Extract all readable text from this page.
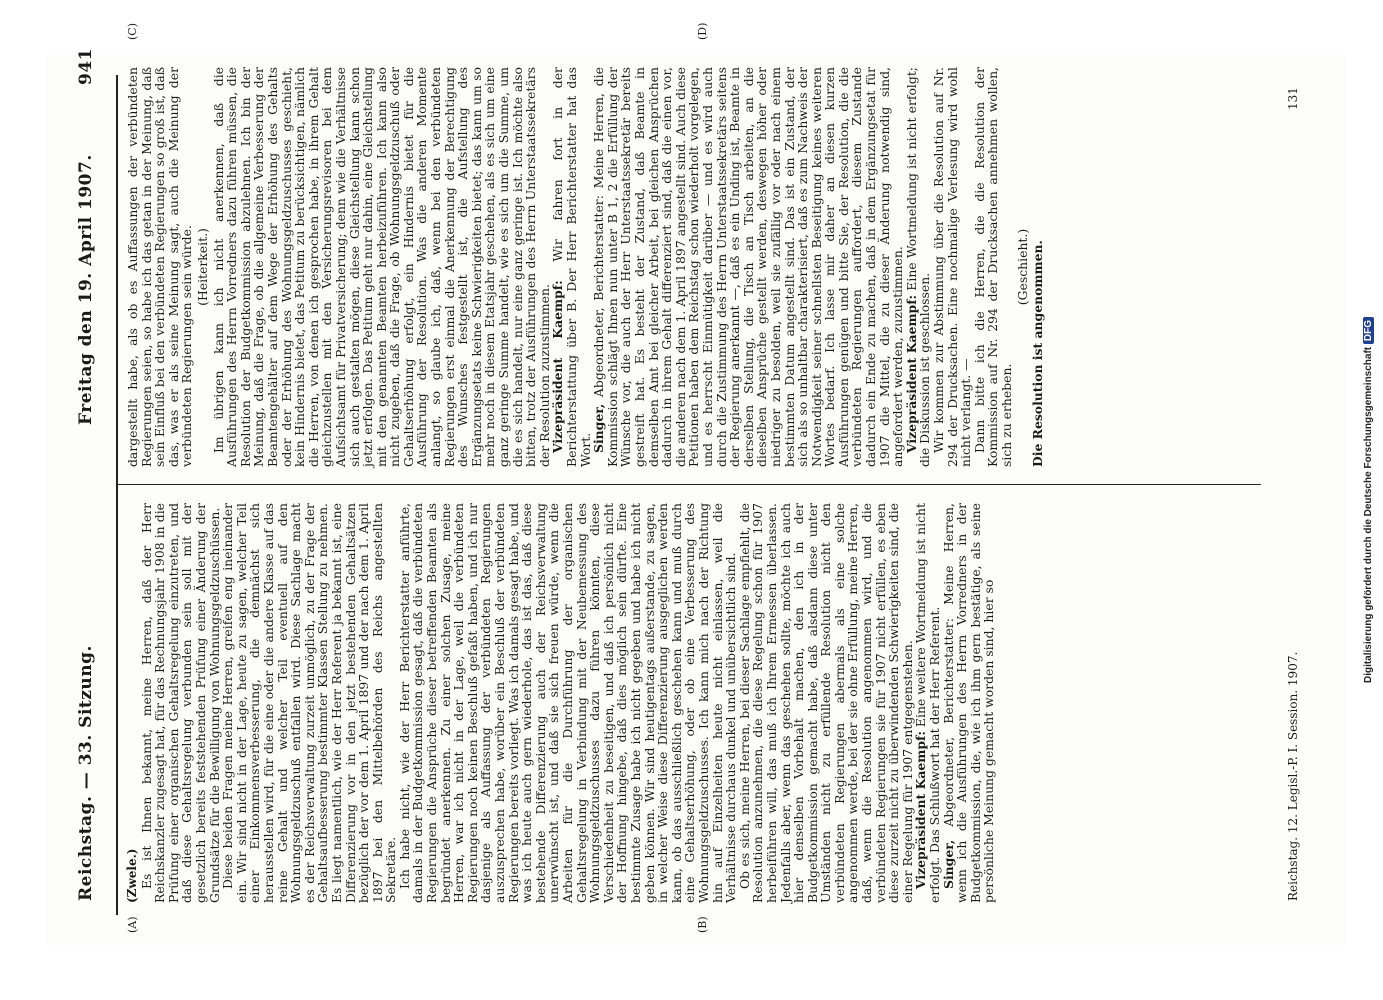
Reichstag. — 33. Sitzung.
Freitag den 19. April 1907.
941
(A)	(B)
(C)	(D)
(Zwele.) Es ist Ihnen bekannt, meine Herren, daß der Herr Reichskanzler zugesagt hat, für das Rechnungsjahr 1908 in die Prüfung einer organischen Gehaltsregelung einzutreten, und daß diese Gehaltsregelung verbunden sein soll mit der gesetzlich bereits feststehenden Prüfung einer Änderung der Grundsätze für die Bewilligung von Wohnungsgeldzuschüssen.

Diese beiden Fragen meine Herren, greifen eng ineinander ein. Wir sind nicht in der Lage, heute zu sagen, welcher Teil einer Einkommensverbesserung, die demnächst sich herausstellen wird, für die eine oder die andere Klasse auf das reine Gehalt und welcher Teil eventuell auf den Wohnungsgeldzuschuß entfallen wird. Diese Sachlage macht es der Reichsverwaltung zurzeit unmöglich, zu der Frage der Gehaltsaufbesserung bestimmter Klassen Stellung zu nehmen. Es liegt namentlich, wie der Herr Referent ja bekannt ist, eine Differenzierung vor in den jetzt bestehenden Gehaltsätzen bezüglich der vor dem 1. April 1897 und der nach dem 1. April 1897 bei den Mittelbehörden des Reichs angestellten Sekretäre.

Ich habe nicht, wie der Herr Berichterstatter anführte, damals in der Budgetkommission gesagt, daß die verbündeten Regierungen die Ansprüche dieser betreffenden Beamten als begründet anerkennen. Zu einer solchen Zusage, meine Herren, war ich nicht in der Lage, weil die verbündeten Regierungen noch keinen Beschluß gefaßt haben, und ich nur dasjenige als Auffassung der verbündeten Regierungen auszusprechen habe, worüber ein Beschluß der verbündeten Regierungen bereits vorliegt. Was ich damals gesagt habe, und was ich heute auch gern wiederhole, das ist das, daß diese bestehende Differenzierung auch der Reichsverwaltung unerwünscht ist, und daß sie sich freuen würde, wenn die Arbeiten für die Durchführung der organischen Gehaltsregelung in Verbindung mit der Neubemessung des Wohnungsgeldzuschusses dazu führen könnten, diese Verschiedenheit zu beseitigen, und daß ich persönlich nicht der Hoffnung hingebe, daß dies möglich sein dürfte. Eine bestimmte Zusage habe ich nicht gegeben und habe ich nicht geben können. Wir sind heutigentags außerstande, zu sagen, in welcher Weise diese Differenzierung ausgeglichen werden kann, ob das ausschließlich geschehen kann und muß durch eine Gehaltserhöhung, oder ob eine Verbesserung des Wohnungsgeldzuschusses. Ich kann mich nach der Richtung hin auf Einzelheiten heute nicht einlassen, weil die Verhältnisse durchaus dunkel und unübersichtlich sind.

Ob es sich, meine Herren, bei dieser Sachlage empfiehlt, die Resolution anzunehmen, die diese Regelung schon für 1907 herbeiführen will, das muß ich Ihrem Ermessen überlassen. Jedenfalls aber, wenn das geschehen sollte, möchte ich auch hier denselben Vorbehalt machen, den ich in der Budgetkommission gemacht habe, daß alsdann diese unter Umständen nicht zu erfüllende Resolution nicht den verbündeten Regierungen abermals als eine solche angenommen werde, bei der sie ohne Erfüllung, meine Herren, daß, wenn die Resolution angenommen wird, und die verbündeten Regierungen sie für 1907 nicht erfüllen, es eben diese zurzeit nicht zu überwindenden Schwierigkeiten sind, die einer Regelung für 1907 entgegenstehen.

Vizepräsident Kaempf: Eine weitere Wortmeldung ist nicht erfolgt. Das Schlußwort hat der Herr Referent.

Singer, Abgeordneter, Berichterstatter: Meine Herren, wenn ich die Ausführungen des Herrn Vorredners in der Budgetkommission, die, wie ich ihm gern bestätige, als seine persönliche Meinung gemacht worden sind, hier so

dargestellt habe, als ob es Auffassungen der verbündeten Regierungen seien, so habe ich das getan in der Meinung, daß sein Einfluß bei den verbündeten Regierungen so groß ist, daß das, was er als seine Meinung sagt, auch die Meinung der verbündeten Regierungen sein würde. (Heiterkeit.) Im übrigen kann ich nicht anerkennen, daß die Ausführungen des Herrn Vorredners dazu führen müssen, die Resolution der Budgetkommission abzulehnen. Ich bin der Meinung, daß die Frage, ob die allgemeine Verbesserung der Beamtengehälter auf dem Wege der Erhöhung des Gehalts oder der Erhöhung des Wohnungsgeldzuschusses geschieht, kein Hindernis bietet, das Petitum zu berücksichtigen, nämlich die Herren, von denen ich gesprochen habe, in ihrem Gehalt gleichzustellen mit den Versicherungsrevisoren bei dem Aufsichtsamt für Privatversicherung; denn wie die Verhältnisse sich auch gestalten mögen, diese Gleichstellung kann schon jetzt erfolgen. Das Petitum geht nur dahin, eine Gleichstellung mit den genannten Beamten herbeizuführen. Ich kann also nicht zugeben, daß die Frage, ob Wohnungsgeldzuschuß oder Gehaltserhöhung erfolgt, ein Hindernis bietet für die Ausführung der Resolution. Was die anderen Momente anlangt, so glaube ich, daß, wenn bei den verbündeten Regierungen erst einmal die Anerkennung der Berechtigung des Wunsches festgestellt ist, die Aufstellung des Ergänzungsetats keine Schwierigkeiten bietet; das kann um so mehr noch in diesem Etatsjahr geschehen, als es sich um eine ganz geringe Summe handelt, wie es sich um die Summe, um die es sich handelt, nur eine ganz geringe ist. Ich möchte also bitten, trotz der Ausführungen des Herrn Unterstaatssekretärs der Resolution zuzustimmen.

Vizepräsident Kaempf: Wir fahren fort in der Berichterstattung über B. Der Herr Berichterstatter hat das Wort.

Singer, Abgeordneter, Berichterstatter: Meine Herren, die Kommission schlägt Ihnen nun unter B 1, 2 die Erfüllung der Wünsche vor, die auch der Herr Unterstaatssekretär bereits gestreift hat. Es besteht der Zustand, daß Beamte in demselben Amt bei gleicher Arbeit, bei gleichen Ansprüchen dadurch in ihrem Gehalt differenziert sind, daß die einen vor, die anderen nach dem 1. April 1897 angestellt sind. Auch diese Petitionen haben dem Reichstag schon wiederholt vorgelegen, und es herrscht Einmütigkeit darüber — und es wird auch durch die Zustimmung des Herrn Unterstaatssekretärs seitens der Regierung anerkannt —, daß es ein Unding ist, Beamte in derselben Stellung, die Tisch an Tisch arbeiten, an die dieselben Ansprüche gestellt werden, deswegen höher oder niedriger zu besolden, weil sie zufällig vor oder nach einem bestimmten Datum angestellt sind. Das ist ein Zustand, der sich als so unhaltbar charakterisiert, daß es zum Nachweis der Notwendigkeit seiner schnellsten Beseitigung keines weiteren Wortes bedarf. Ich lasse mir daher an diesen kurzen Ausführungen genügen und bitte Sie, der Resolution, die die verbündeten Regierungen auffordert, diesem Zustande dadurch ein Ende zu machen, daß in dem Ergänzungsetat für 1907 die Mittel, die zu dieser Änderung notwendig sind, angefordert werden, zuzustimmen.

Vizepräsident Kaempf: Eine Wortmeldung ist nicht erfolgt; die Diskussion ist geschlossen.

Wir kommen zur Abstimmung über die Resolution auf Nr. 294 der Drucksachen. Eine nochmalige Verlesung wird wohl nicht verlangt. —

Dann bitte ich die Herren, die die Resolution der Kommission auf Nr. 294 der Drucksachen annehmen wollen, sich zu erheben.

(Geschieht.) Die Resolution ist angenommen.

Reichstag. 12. Legisl.-P. I. Session. 1907.
131
Digitalisierung gefördert durch die Deutsche Forschungsgemeinschaft DFG
